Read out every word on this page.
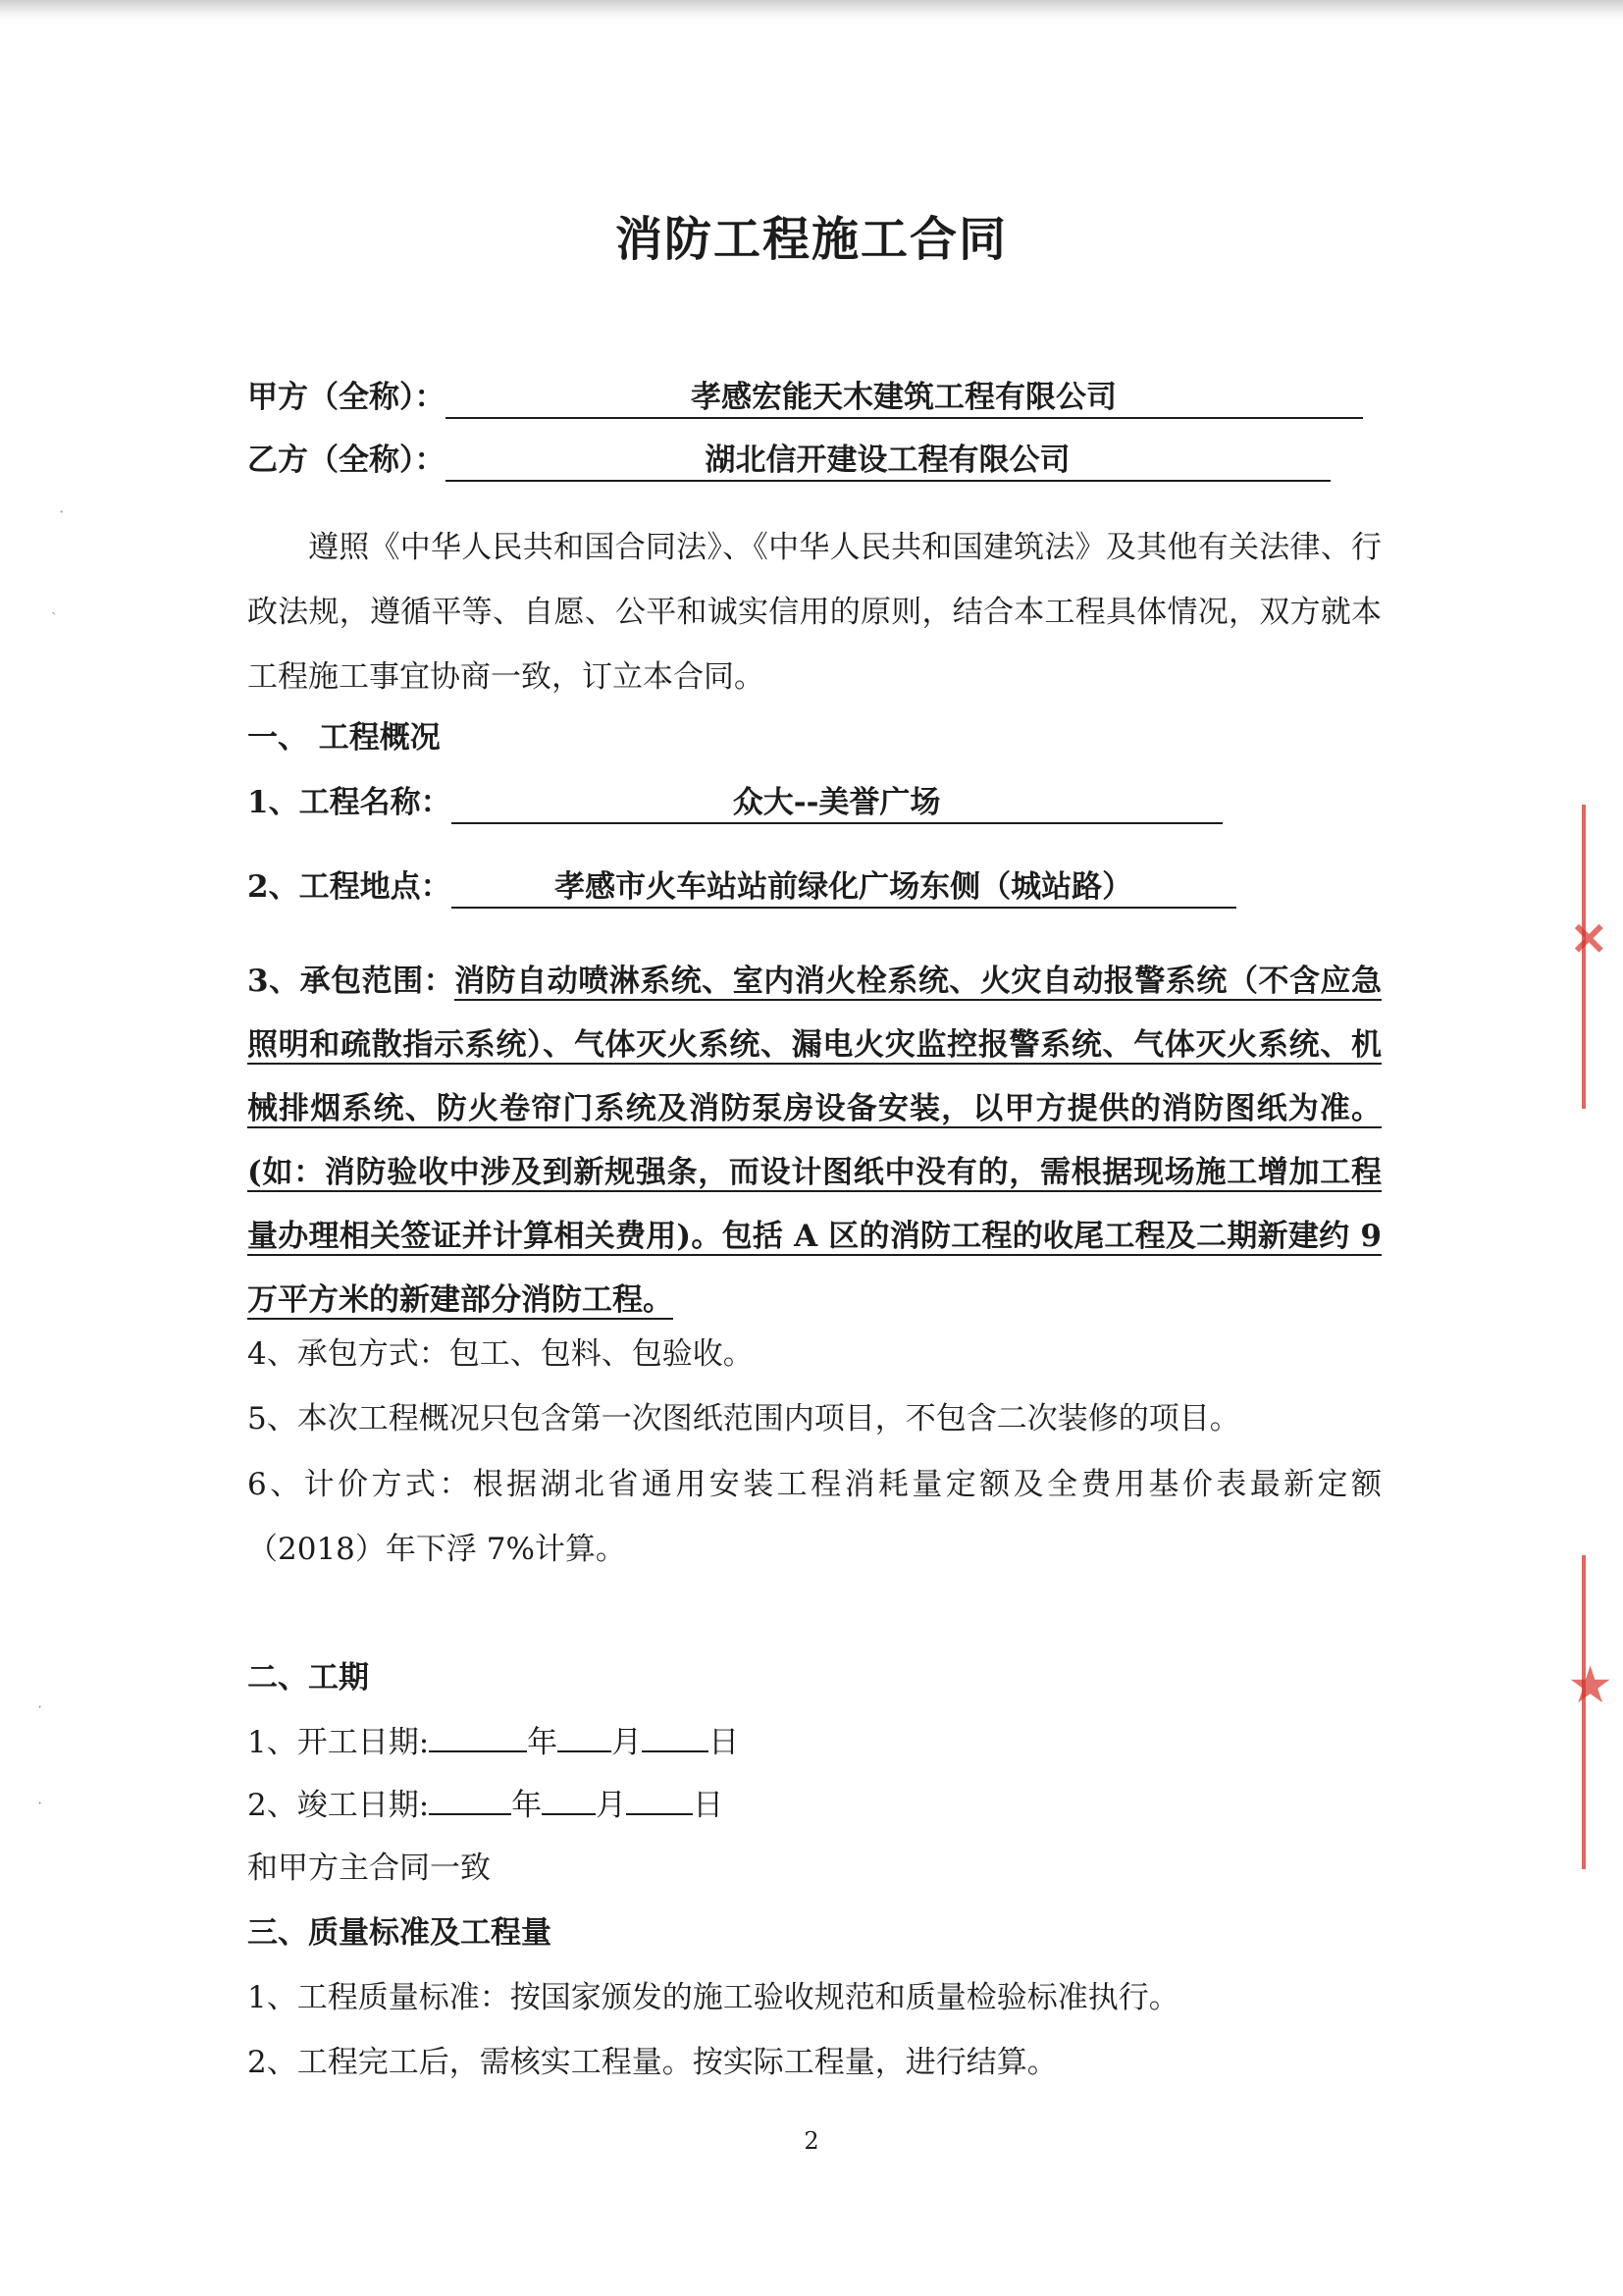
消防工程施工合同
甲方（全称）：	孝感宏能天木建筑工程有限公司
乙方（全称）：	湖北信开建设工程有限公司
遵照《中华人民共和国合同法》、《中华人民共和国建筑法》及其他有关法律、行政法规，遵循平等、自愿、公平和诚实信用的原则，结合本工程具体情况，双方就本工程施工事宜协商一致，订立本合同。
一、 工程概况
1、工程名称：	众大--美誉广场
2、工程地点：	孝感市火车站站前绿化广场东侧（城站路）
3、承包范围：消防自动喷淋系统、室内消火栓系统、火灾自动报警系统（不含应急照明和疏散指示系统）、气体灭火系统、漏电火灾监控报警系统、气体灭火系统、机械排烟系统、防火卷帘门系统及消防泵房设备安装，以甲方提供的消防图纸为准。(如：消防验收中涉及到新规强条，而设计图纸中没有的，需根据现场施工增加工程量办理相关签证并计算相关费用)。包括 A 区的消防工程的收尾工程及二期新建约 9 万平方米的新建部分消防工程。
4、承包方式：包工、包料、包验收。
5、本次工程概况只包含第一次图纸范围内项目，不包含二次装修的项目。
6、计价方式：根据湖北省通用安装工程消耗量定额及全费用基价表最新定额（2018）年下浮 7%计算。
二、工期
1、开工日期:	年 月 日
2、竣工日期:	年 月 日
和甲方主合同一致
三、质量标准及工程量
1、工程质量标准：按国家颁发的施工验收规范和质量检验标准执行。
2、工程完工后，需核实工程量。按实际工程量，进行结算。
2
✕
★
·
ˏ
·
·
